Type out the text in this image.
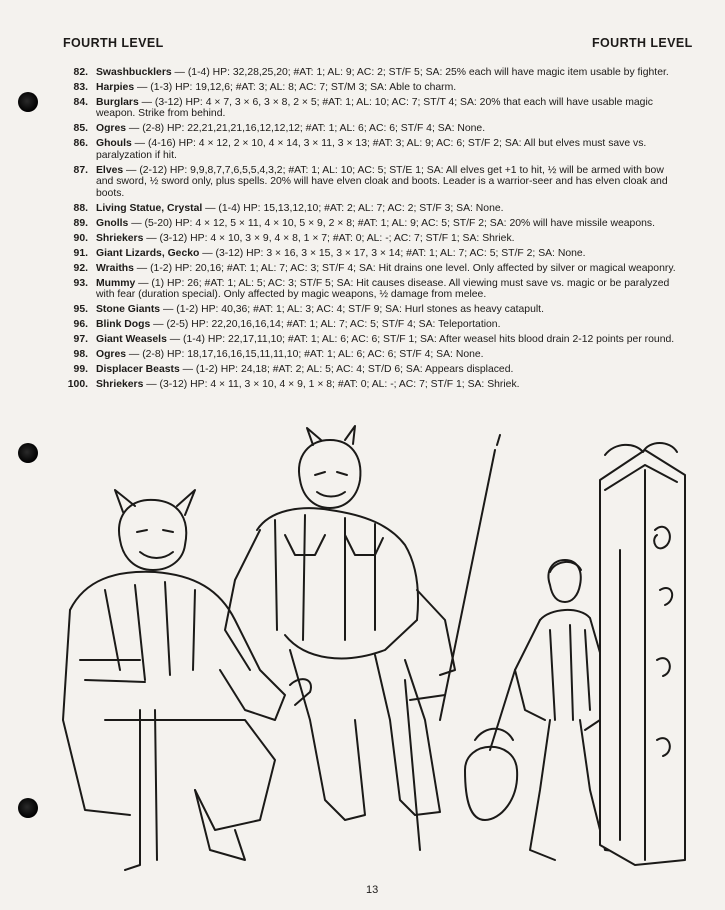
FOURTH LEVEL	FOURTH LEVEL
82. Swashbucklers — (1-4) HP: 32,28,25,20; #AT: 1; AL: 9; AC: 2; ST/F 5; SA: 25% each will have magic item usable by fighter.
83. Harpies — (1-3) HP: 19,12,6; #AT: 3; AL: 8; AC: 7; ST/M 3; SA: Able to charm.
84. Burglars — (3-12) HP: 4 × 7, 3 × 6, 3 × 8, 2 × 5; #AT: 1; AL: 10; AC: 7; ST/T 4; SA: 20% that each will have usable magic weapon. Strike from behind.
85. Ogres — (2-8) HP: 22,21,21,21,16,12,12,12; #AT: 1; AL: 6; AC: 6; ST/F 4; SA: None.
86. Ghouls — (4-16) HP: 4 × 12, 2 × 10, 4 × 14, 3 × 11, 3 × 13; #AT: 3; AL: 9; AC: 6; ST/F 2; SA: All but elves must save vs. paralyzation if hit.
87. Elves — (2-12) HP: 9,9,8,7,7,6,5,5,4,3,2; #AT: 1; AL: 10; AC: 5; ST/E 1; SA: All elves get +1 to hit, ½ will be armed with bow and sword, ½ sword only, plus spells. 20% will have elven cloak and boots. Leader is a warrior-seer and has elven cloak and boots.
88. Living Statue, Crystal — (1-4) HP: 15,13,12,10; #AT: 2; AL: 7; AC: 2; ST/F 3; SA: None.
89. Gnolls — (5-20) HP: 4 × 12, 5 × 11, 4 × 10, 5 × 9, 2 × 8; #AT: 1; AL: 9; AC: 5; ST/F 2; SA: 20% will have missile weapons.
90. Shriekers — (3-12) HP: 4 × 10, 3 × 9, 4 × 8, 1 × 7; #AT: 0; AL: -; AC: 7; ST/F 1; SA: Shriek.
91. Giant Lizards, Gecko — (3-12) HP: 3 × 16, 3 × 15, 3 × 17, 3 × 14; #AT: 1; AL: 7; AC: 5; ST/F 2; SA: None.
92. Wraiths — (1-2) HP: 20,16; #AT: 1; AL: 7; AC: 3; ST/F 4; SA: Hit drains one level. Only affected by silver or magical weaponry.
93. Mummy — (1) HP: 26; #AT: 1; AL: 5; AC: 3; ST/F 5; SA: Hit causes disease. All viewing must save vs. magic or be paralyzed with fear (duration special). Only affected by magic weapons, ½ damage from melee.
95. Stone Giants — (1-2) HP: 40,36; #AT: 1; AL: 3; AC: 4; ST/F 9; SA: Hurl stones as heavy catapult.
96. Blink Dogs — (2-5) HP: 22,20,16,16,14; #AT: 1; AL: 7; AC: 5; ST/F 4; SA: Teleportation.
97. Giant Weasels — (1-4) HP: 22,17,11,10; #AT: 1; AL: 6; AC: 6; ST/F 1; SA: After weasel hits blood drain 2-12 points per round.
98. Ogres — (2-8) HP: 18,17,16,16,15,11,11,10; #AT: 1; AL: 6; AC: 6; ST/F 4; SA: None.
99. Displacer Beasts — (1-2) HP: 24,18; #AT: 2; AL: 5; AC: 4; ST/D 6; SA: Appears displaced.
100. Shriekers — (3-12) HP: 4 × 11, 3 × 10, 4 × 9, 1 × 8; #AT: 0; AL: -; AC: 7; ST/F 1; SA: Shriek.
13
